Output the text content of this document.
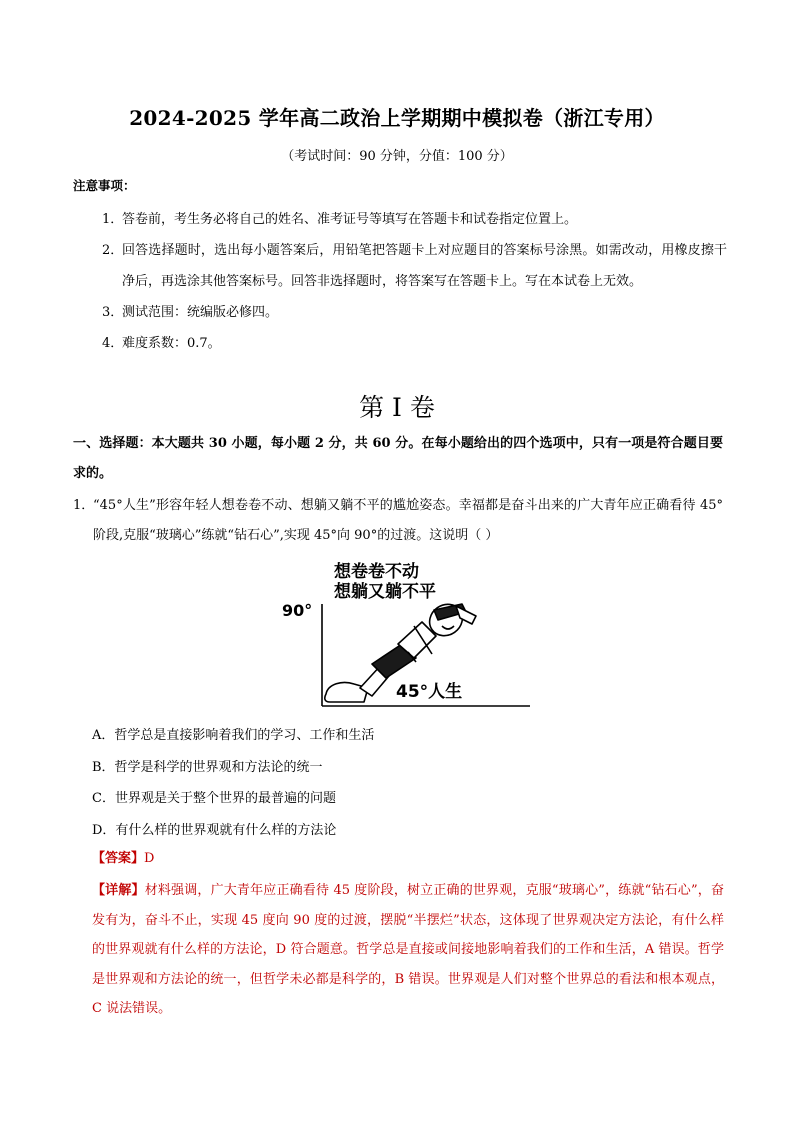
2024-2025 学年高二政治上学期期中模拟卷（浙江专用）
（考试时间：90 分钟，分值：100 分）
注意事项：
1．
答卷前，考生务必将自己的姓名、准考证号等填写在答题卡和试卷指定位置上。
2．
回答选择题时，选出每小题答案后，用铅笔把答题卡上对应题目的答案标号涂黑。如需改动，用橡皮擦干净后，再选涂其他答案标号。回答非选择题时，将答案写在答题卡上。写在本试卷上无效。
3．
测试范围：统编版必修四。
4．
难度系数：0.7。
第 I 卷
一、选择题：本大题共 30 小题，每小题 2 分，共 60 分。在每小题给出的四个选项中，只有一项是符合题目要求的。
1．
“45°人生”形容年轻人想卷卷不动、想躺又躺不平的尴尬姿态。幸福都是奋斗出来的广大青年应正确看待 45°阶段,克服“玻璃心”练就“钻石心”,实现 45°向 90°的过渡。这说明（ ）
想卷卷不动
想躺又躺不平
90°
45°人生
A．哲学总是直接影响着我们的学习、工作和生活
B．哲学是科学的世界观和方法论的统一
C．世界观是关于整个世界的最普遍的问题
D．有什么样的世界观就有什么样的方法论
【答案】D
【详解】材料强调，广大青年应正确看待 45 度阶段，树立正确的世界观，克服“玻璃心”，练就“钻石心”，奋发有为，奋斗不止，实现 45 度向 90 度的过渡，摆脱“半摆烂”状态，这体现了世界观决定方法论，有什么样的世界观就有什么样的方法论，D 符合题意。哲学总是直接或间接地影响着我们的工作和生活，A 错误。哲学是世界观和方法论的统一，但哲学未必都是科学的，B 错误。世界观是人们对整个世界总的看法和根本观点，C 说法错误。
